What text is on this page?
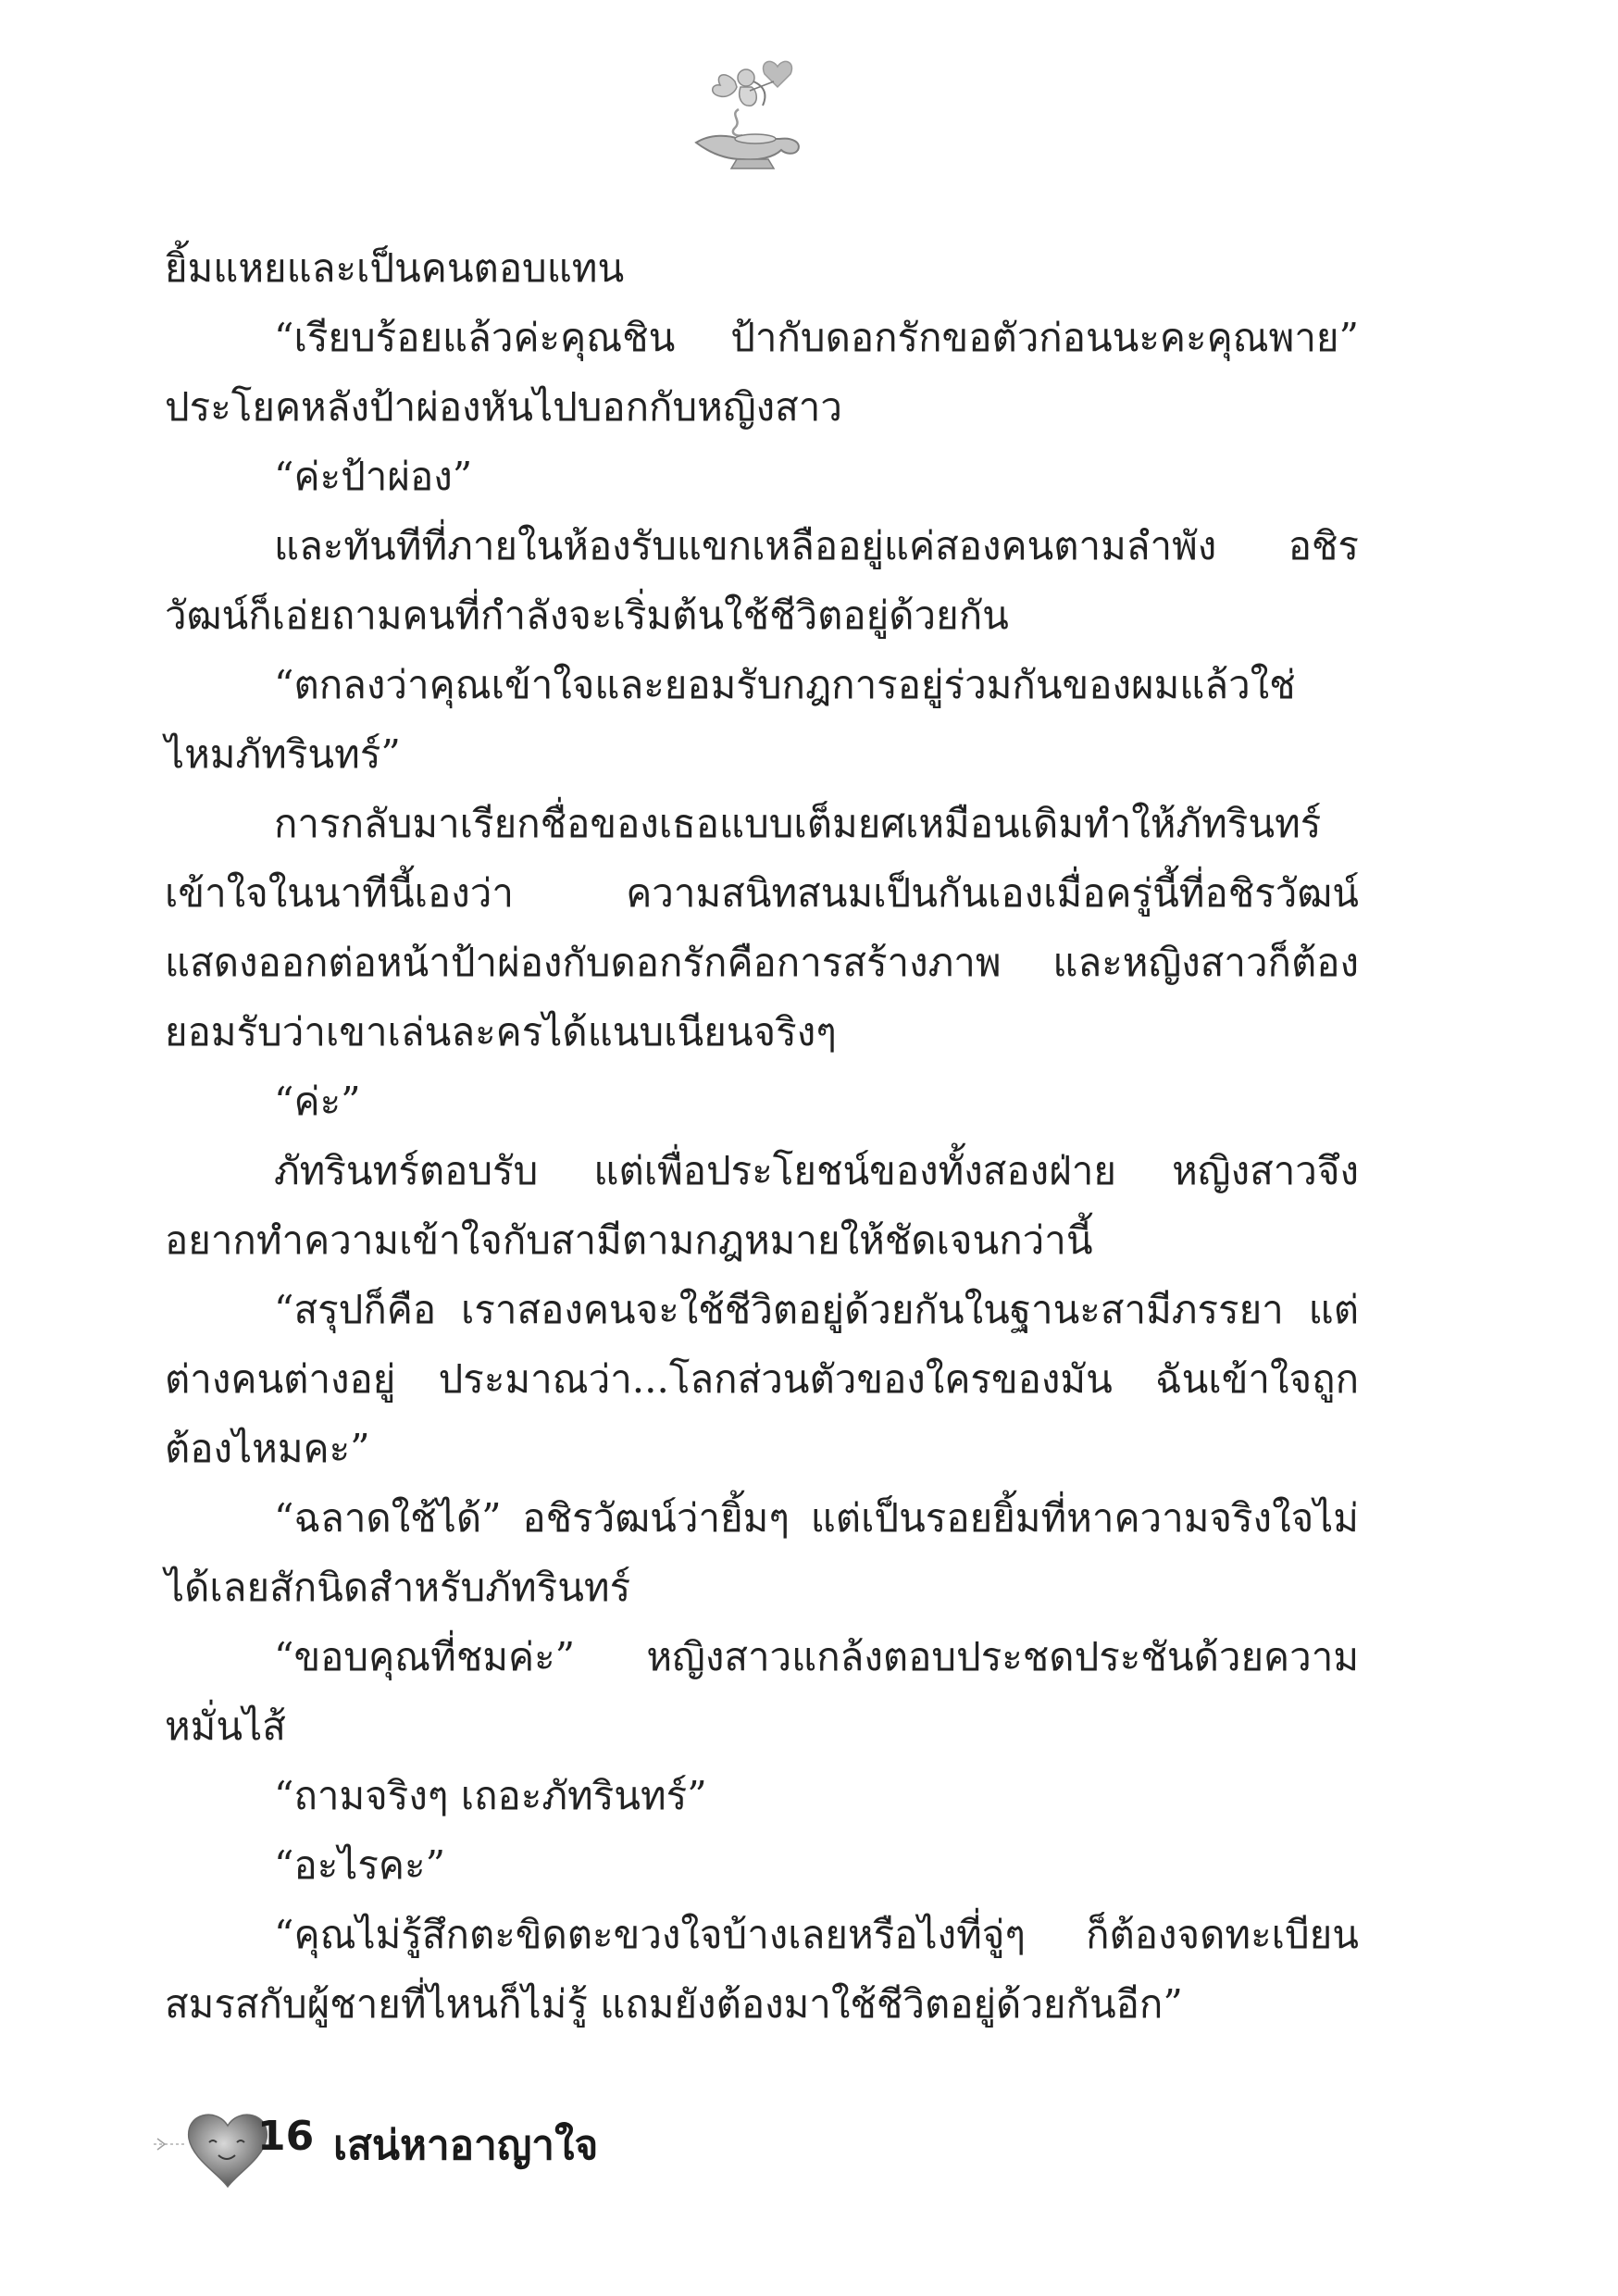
ยิ้มแหยและเป็นคนตอบแทน

“เรียบร้อยแล้วค่ะคุณชิน ป้ากับดอกรักขอตัวก่อนนะคะคุณพาย” ประโยคหลังป้าผ่องหันไปบอกกับหญิงสาว

“ค่ะป้าผ่อง”

และทันทีที่ภายในห้องรับแขกเหลืออยู่แค่สองคนตามลำพัง อชิรวัฒน์ก็เอ่ยถามคนที่กำลังจะเริ่มต้นใช้ชีวิตอยู่ด้วยกัน

“ตกลงว่าคุณเข้าใจและยอมรับกฎการอยู่ร่วมกันของผมแล้วใช่ไหมภัทรินทร์”

การกลับมาเรียกชื่อของเธอแบบเต็มยศเหมือนเดิมทำให้ภัทรินทร์เข้าใจในนาทีนี้เองว่า ความสนิทสนมเป็นกันเองเมื่อครู่นี้ที่อชิรวัฒน์แสดงออกต่อหน้าป้าผ่องกับดอกรักคือการสร้างภาพ และหญิงสาวก็ต้องยอมรับว่าเขาเล่นละครได้แนบเนียนจริงๆ

“ค่ะ”

ภัทรินทร์ตอบรับ แต่เพื่อประโยชน์ของทั้งสองฝ่าย หญิงสาวจึงอยากทำความเข้าใจกับสามีตามกฎหมายให้ชัดเจนกว่านี้

“สรุปก็คือ เราสองคนจะใช้ชีวิตอยู่ด้วยกันในฐานะสามีภรรยา แต่ต่างคนต่างอยู่ ประมาณว่า...โลกส่วนตัวของใครของมัน ฉันเข้าใจถูกต้องไหมคะ”

“ฉลาดใช้ได้” อชิรวัฒน์ว่ายิ้มๆ แต่เป็นรอยยิ้มที่หาความจริงใจไม่ได้เลยสักนิดสำหรับภัทรินทร์

“ขอบคุณที่ชมค่ะ” หญิงสาวแกล้งตอบประชดประชันด้วยความหมั่นไส้

“ถามจริงๆ เถอะภัทรินทร์”

“อะไรคะ”

“คุณไม่รู้สึกตะขิดตะขวงใจบ้างเลยหรือไงที่จู่ๆ ก็ต้องจดทะเบียนสมรสกับผู้ชายที่ไหนก็ไม่รู้ แถมยังต้องมาใช้ชีวิตอยู่ด้วยกันอีก”

16 เสน่หาอาญาใจ
